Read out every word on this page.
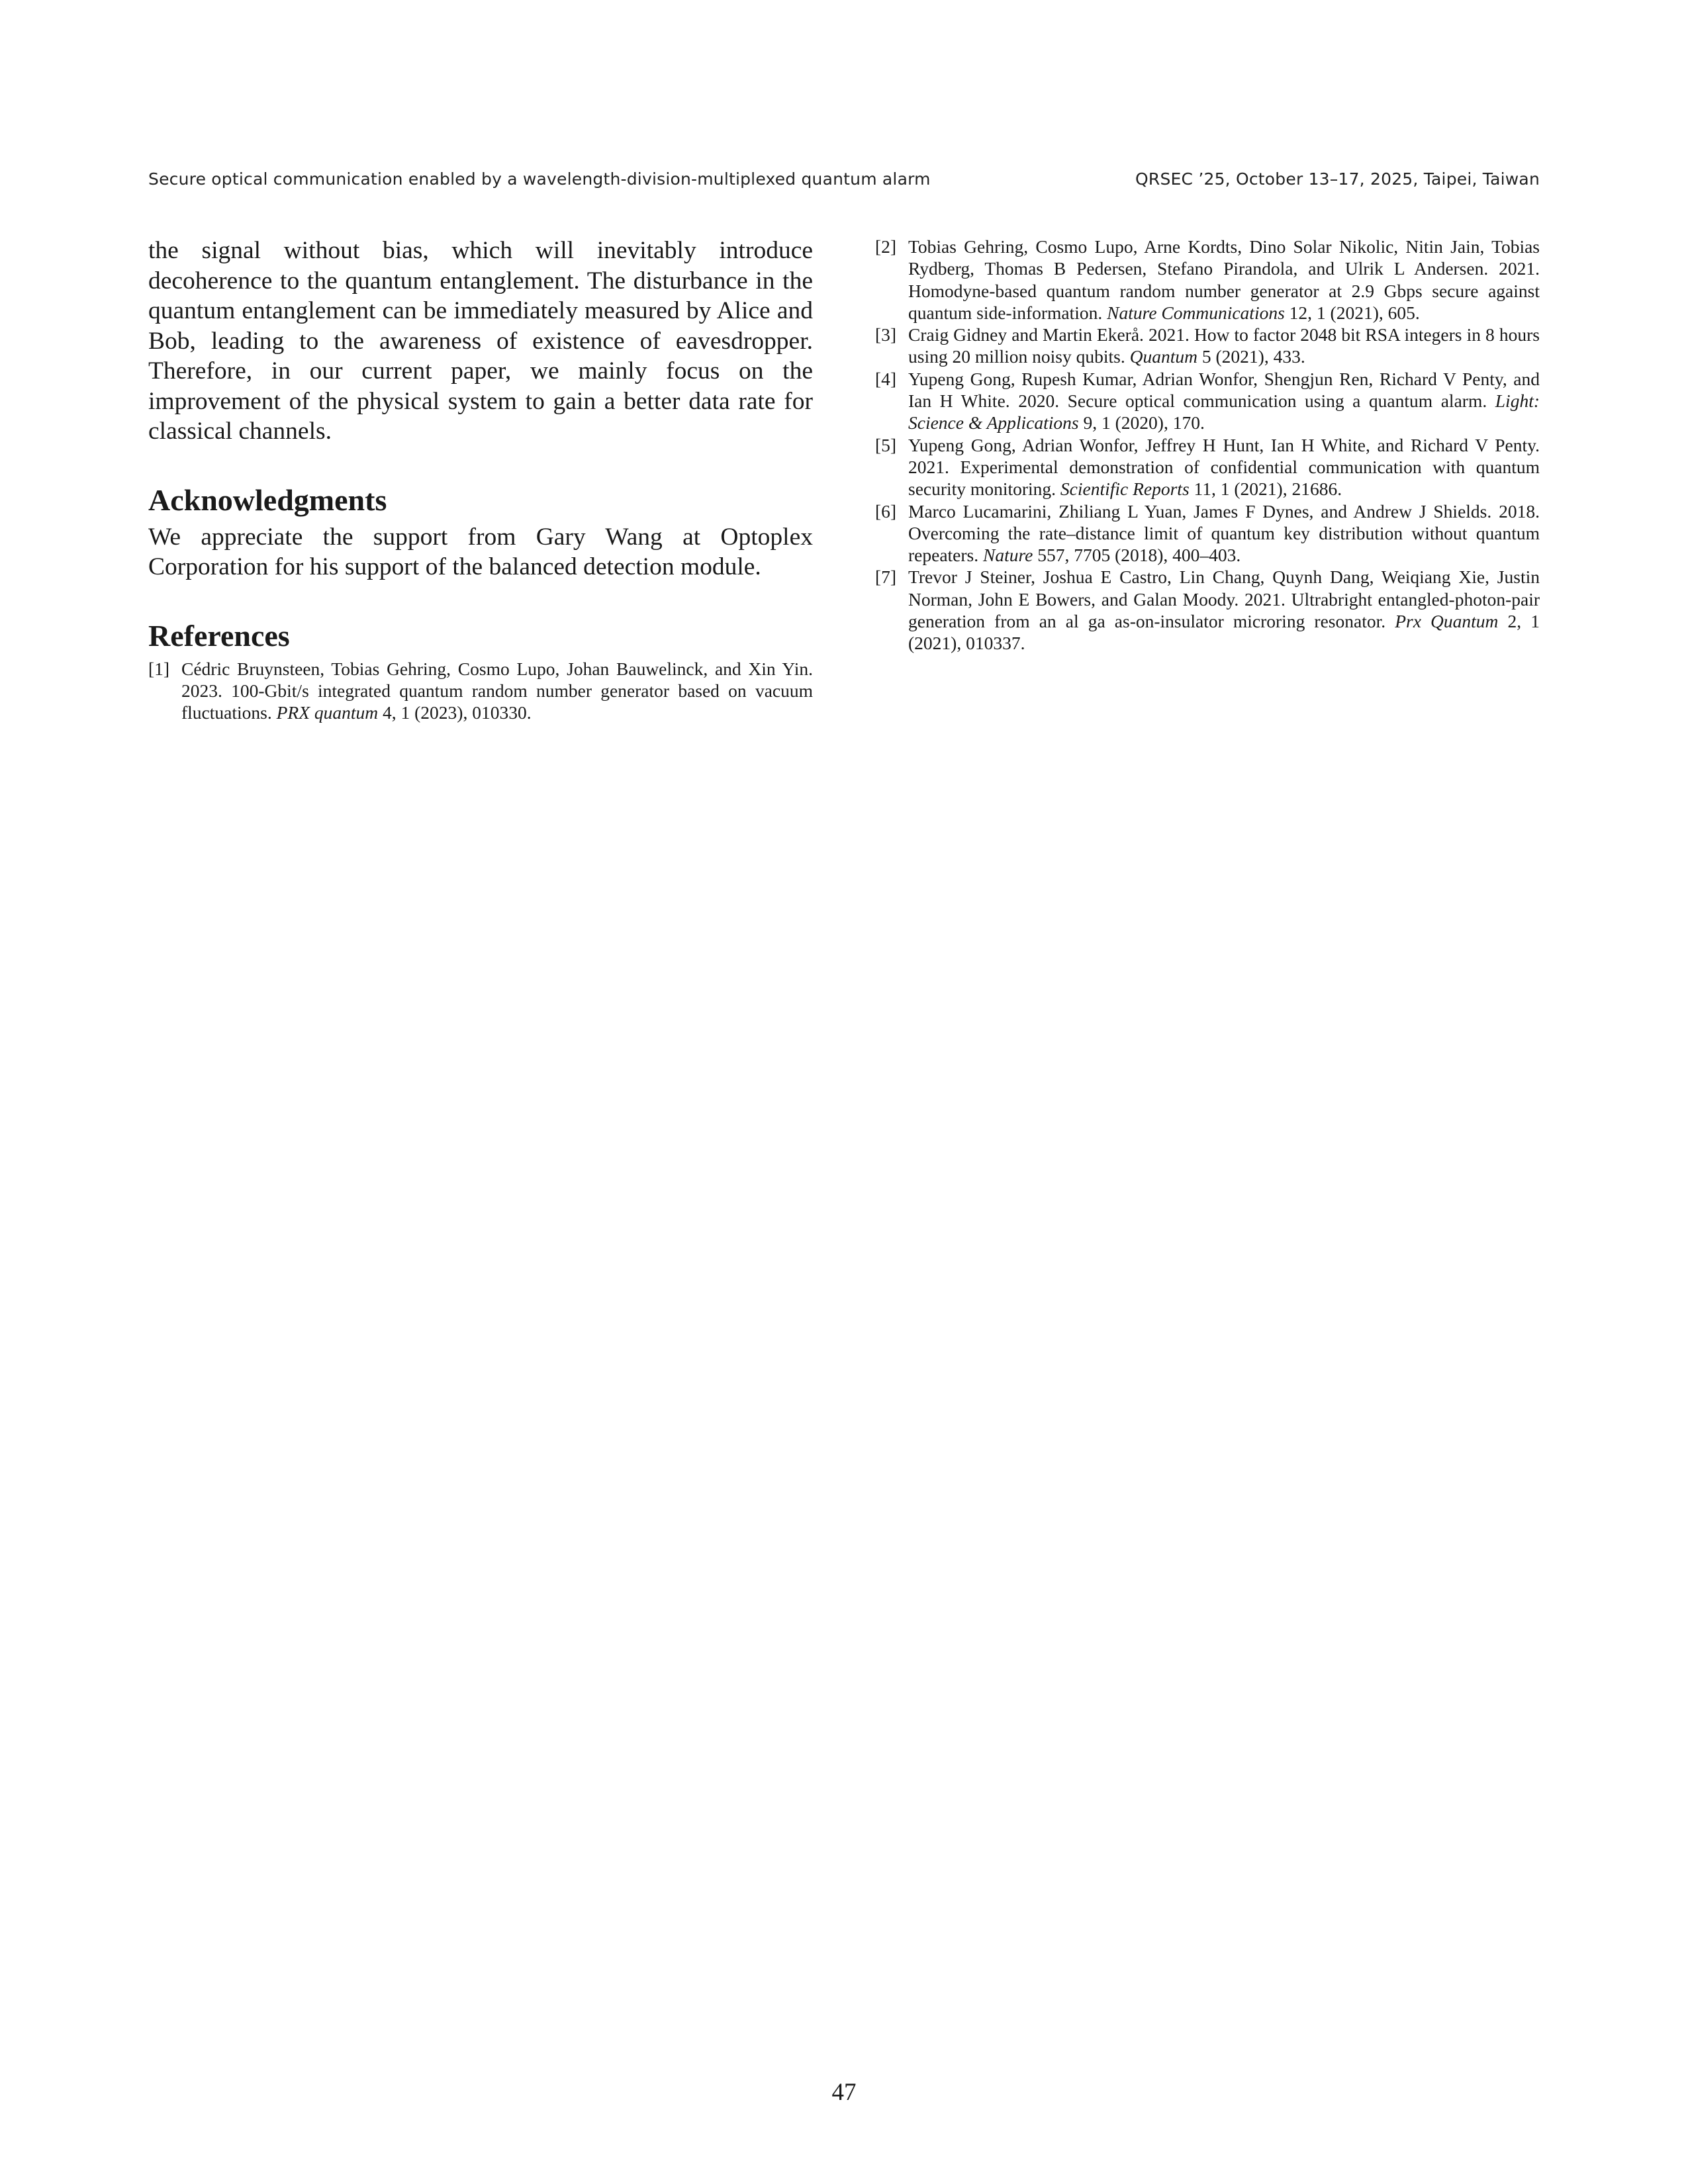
Secure optical communication enabled by a wavelength-division-multiplexed quantum alarm	QRSEC ’25, October 13–17, 2025, Taipei, Taiwan

the signal without bias, which will inevitably introduce decoherence to the quantum entanglement. The disturbance in the quantum entanglement can be immediately measured by Alice and Bob, leading to the awareness of existence of eavesdropper. Therefore, in our current paper, we mainly focus on the improvement of the physical system to gain a better data rate for classical channels.

Acknowledgments

We appreciate the support from Gary Wang at Optoplex Corporation for his support of the balanced detection module.

References
[1] Cédric Bruynsteen, Tobias Gehring, Cosmo Lupo, Johan Bauwelinck, and Xin Yin. 2023. 100-Gbit/s integrated quantum random number generator based on vacuum fluctuations. PRX quantum 4, 1 (2023), 010330.
[2] Tobias Gehring, Cosmo Lupo, Arne Kordts, Dino Solar Nikolic, Nitin Jain, Tobias Rydberg, Thomas B Pedersen, Stefano Pirandola, and Ulrik L Andersen. 2021. Homodyne-based quantum random number generator at 2.9 Gbps secure against quantum side-information. Nature Communications 12, 1 (2021), 605.
[3] Craig Gidney and Martin Ekerå. 2021. How to factor 2048 bit RSA integers in 8 hours using 20 million noisy qubits. Quantum 5 (2021), 433.
[4] Yupeng Gong, Rupesh Kumar, Adrian Wonfor, Shengjun Ren, Richard V Penty, and Ian H White. 2020. Secure optical communication using a quantum alarm. Light: Science & Applications 9, 1 (2020), 170.
[5] Yupeng Gong, Adrian Wonfor, Jeffrey H Hunt, Ian H White, and Richard V Penty. 2021. Experimental demonstration of confidential communication with quantum security monitoring. Scientific Reports 11, 1 (2021), 21686.
[6] Marco Lucamarini, Zhiliang L Yuan, James F Dynes, and Andrew J Shields. 2018. Overcoming the rate–distance limit of quantum key distribution without quantum repeaters. Nature 557, 7705 (2018), 400–403.
[7] Trevor J Steiner, Joshua E Castro, Lin Chang, Quynh Dang, Weiqiang Xie, Justin Norman, John E Bowers, and Galan Moody. 2021. Ultrabright entangled-photon-pair generation from an al ga as-on-insulator microring resonator. Prx Quantum 2, 1 (2021), 010337.
47
